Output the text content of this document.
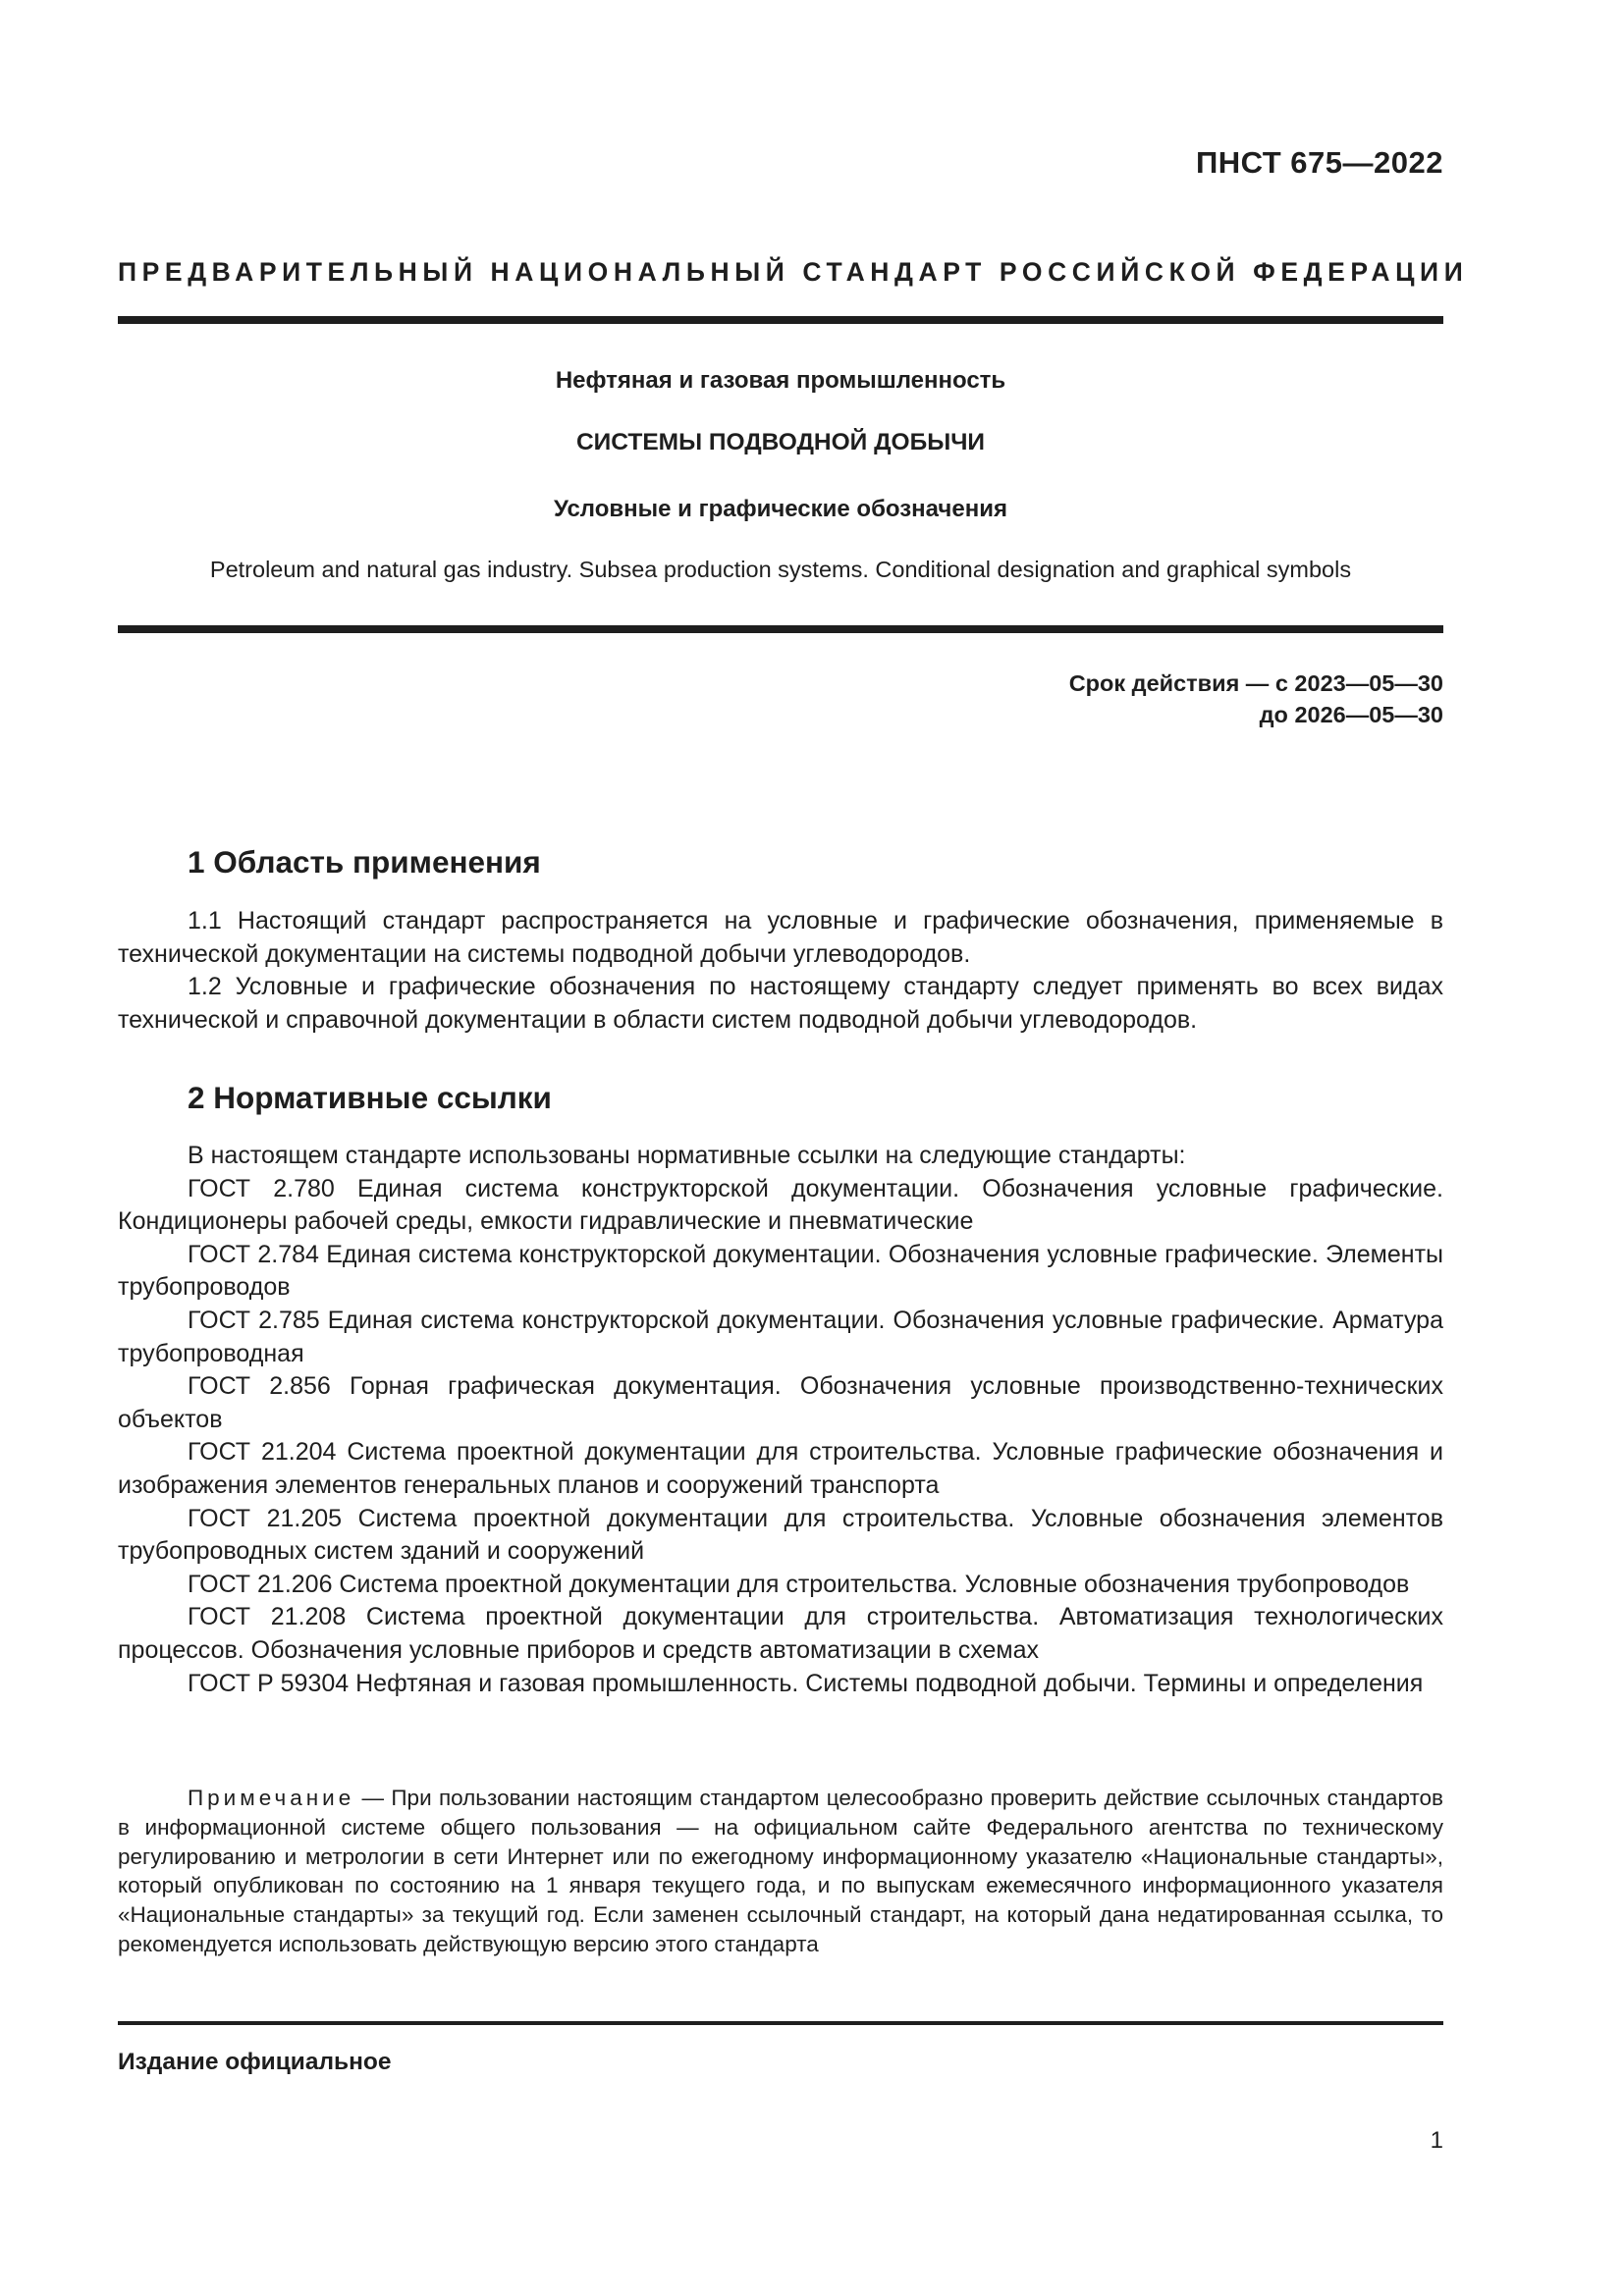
ПНСТ 675—2022
ПРЕДВАРИТЕЛЬНЫЙ НАЦИОНАЛЬНЫЙ СТАНДАРТ РОССИЙСКОЙ ФЕДЕРАЦИИ
Нефтяная и газовая промышленность
СИСТЕМЫ ПОДВОДНОЙ ДОБЫЧИ
Условные и графические обозначения
Petroleum and natural gas industry. Subsea production systems. Conditional designation and graphical symbols
Срок действия — с 2023—05—30
до 2026—05—30
1 Область применения

1.1 Настоящий стандарт распространяется на условные и графические обозначения, применяемые в технической документации на системы подводной добычи углеводородов.

1.2 Условные и графические обозначения по настоящему стандарту следует применять во всех видах технической и справочной документации в области систем подводной добычи углеводородов.

2 Нормативные ссылки

В настоящем стандарте использованы нормативные ссылки на следующие стандарты:

ГОСТ 2.780 Единая система конструкторской документации. Обозначения условные графические. Кондиционеры рабочей среды, емкости гидравлические и пневматические

ГОСТ 2.784 Единая система конструкторской документации. Обозначения условные графические. Элементы трубопроводов

ГОСТ 2.785 Единая система конструкторской документации. Обозначения условные графические. Арматура трубопроводная

ГОСТ 2.856 Горная графическая документация. Обозначения условные производственно-технических объектов

ГОСТ 21.204 Система проектной документации для строительства. Условные графические обозначения и изображения элементов генеральных планов и сооружений транспорта

ГОСТ 21.205 Система проектной документации для строительства. Условные обозначения элементов трубопроводных систем зданий и сооружений

ГОСТ 21.206 Система проектной документации для строительства. Условные обозначения трубопроводов

ГОСТ 21.208 Система проектной документации для строительства. Автоматизация технологических процессов. Обозначения условные приборов и средств автоматизации в схемах

ГОСТ Р 59304 Нефтяная и газовая промышленность. Системы подводной добычи. Термины и определения

Примечание — При пользовании настоящим стандартом целесообразно проверить действие ссылочных стандартов в информационной системе общего пользования — на официальном сайте Федерального агентства по техническому регулированию и метрологии в сети Интернет или по ежегодному информационному указателю «Национальные стандарты», который опубликован по состоянию на 1 января текущего года, и по выпускам ежемесячного информационного указателя «Национальные стандарты» за текущий год. Если заменен ссылочный стандарт, на который дана недатированная ссылка, то рекомендуется использовать действующую версию этого стандарта

Издание официальное
1
